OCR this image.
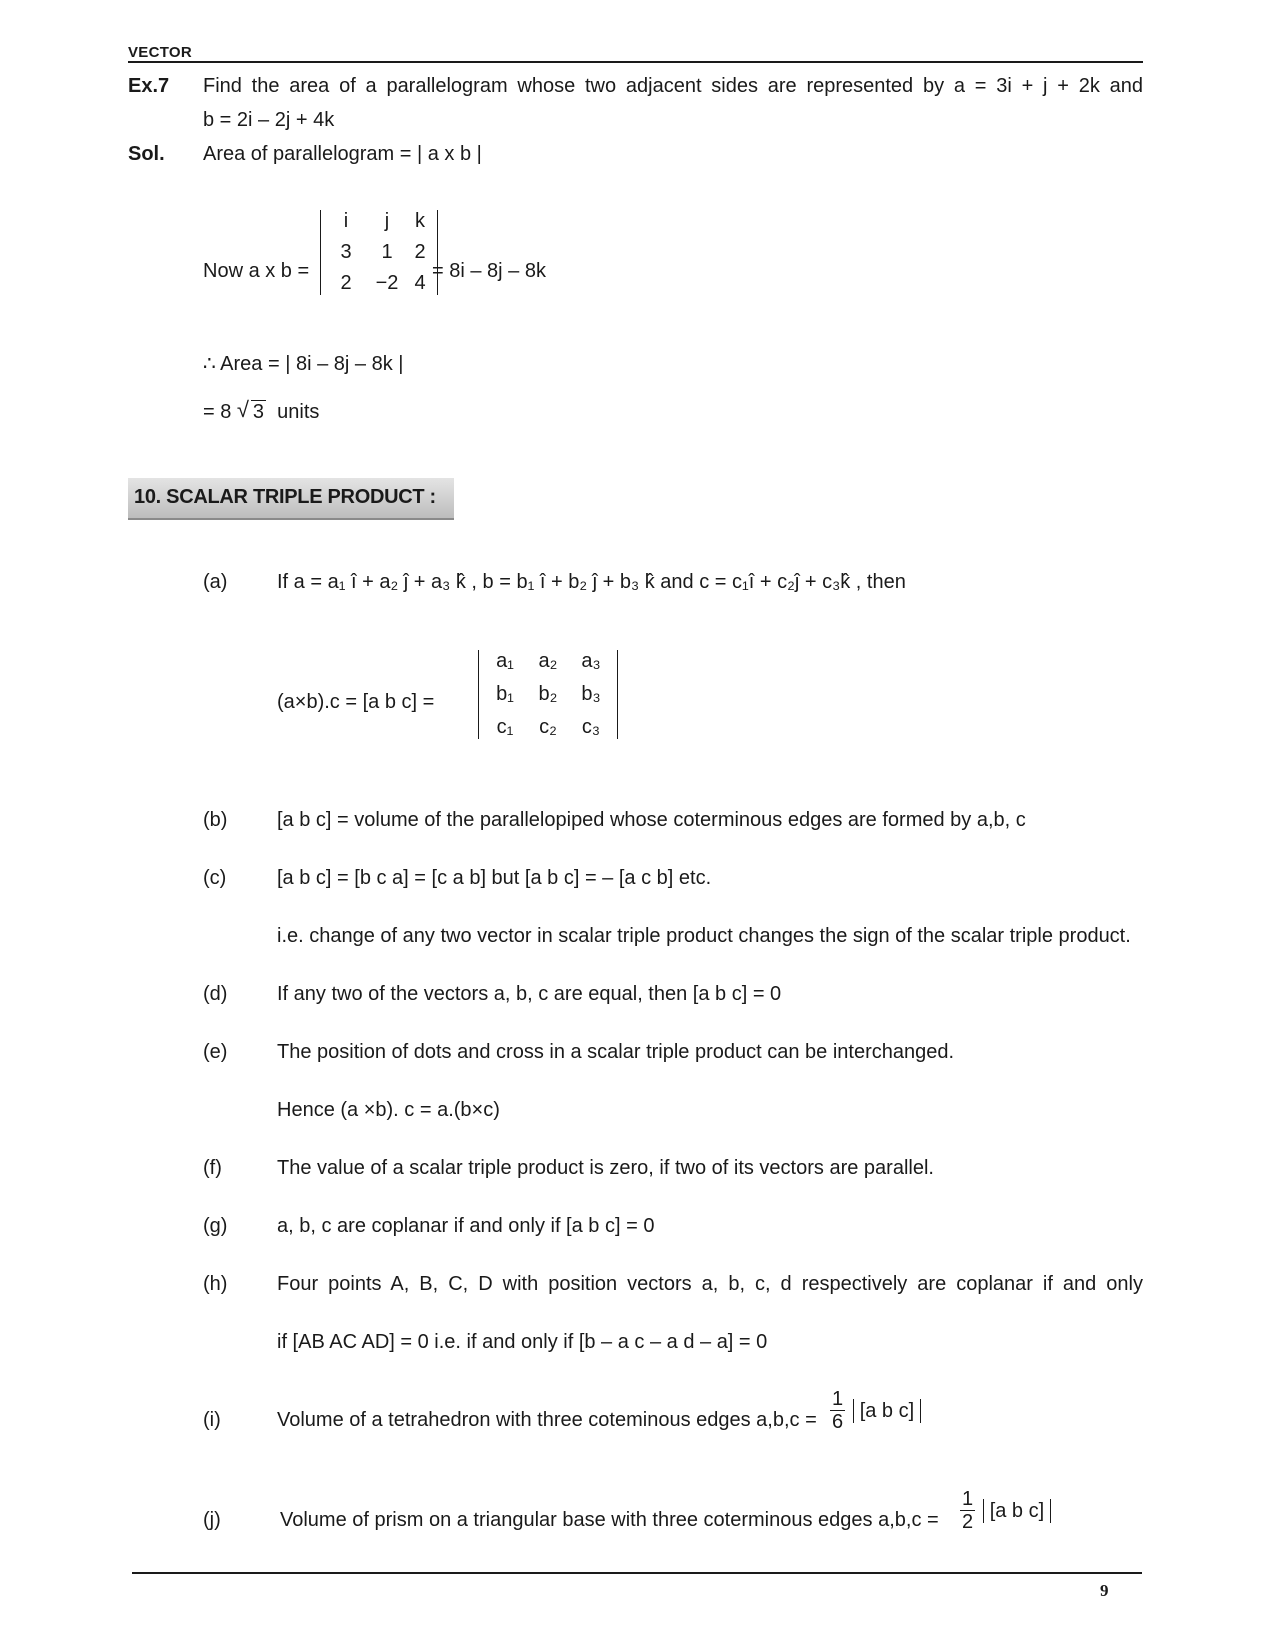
VECTOR
Ex.7 Find the area of a parallelogram whose two adjacent sides are represented by a = 3i + j + 2k and
b = 2i – 2j + 4k
Sol. Area of parallelogram = | a x b |
Now a x b =
i	j	k
3	1	2
2	−2 4
= 8i – 8j – 8k
∴ Area = | 8i – 8j – 8k |
= 8 √ 3 units
10. SCALAR TRIPLE PRODUCT :
(a) If a = a₁ î + a₂ ĵ + a₃ k̂ , b = b₁ î + b₂ ĵ + b₃ k̂ and c = c₁î + c₂ĵ + c₃k̂ , then
(a×b).c = [a b c] =
a₁	a₂	a₃
b₁	b₂	b₃
c₁	c₂	c₃
(b) [a b c] = volume of the parallelopiped whose coterminous edges are formed by a,b, c
(c)	[a b c] = [b c a] = [c a b] but [a b c] = – [a c b] etc.
i.e. change of any two vector in scalar triple product changes the sign of the scalar triple product.
(d) If any two of the vectors a, b, c are equal, then [a b c] = 0
(e) The position of dots and cross in a scalar triple product can be interchanged.
Hence (a ×b). c = a.(b×c)
(f)	The value of a scalar triple product is zero, if two of its vectors are parallel.
(g) a, b, c are coplanar if and only if [a b c] = 0
(h) Four points A, B, C, D with position vectors a, b, c, d respectively are coplanar if and only
if [AB AC AD] = 0 i.e. if and only if [b – a c – a d – a] = 0
(i)	Volume of a tetrahedron with three coteminous edges $a,b,c = \frac{1}{6} [a$ b c]
(j)	Volume of prism on a triangular base with three coterminous edges $a,b,c = \frac{1}{2} [a$ b c]
9
